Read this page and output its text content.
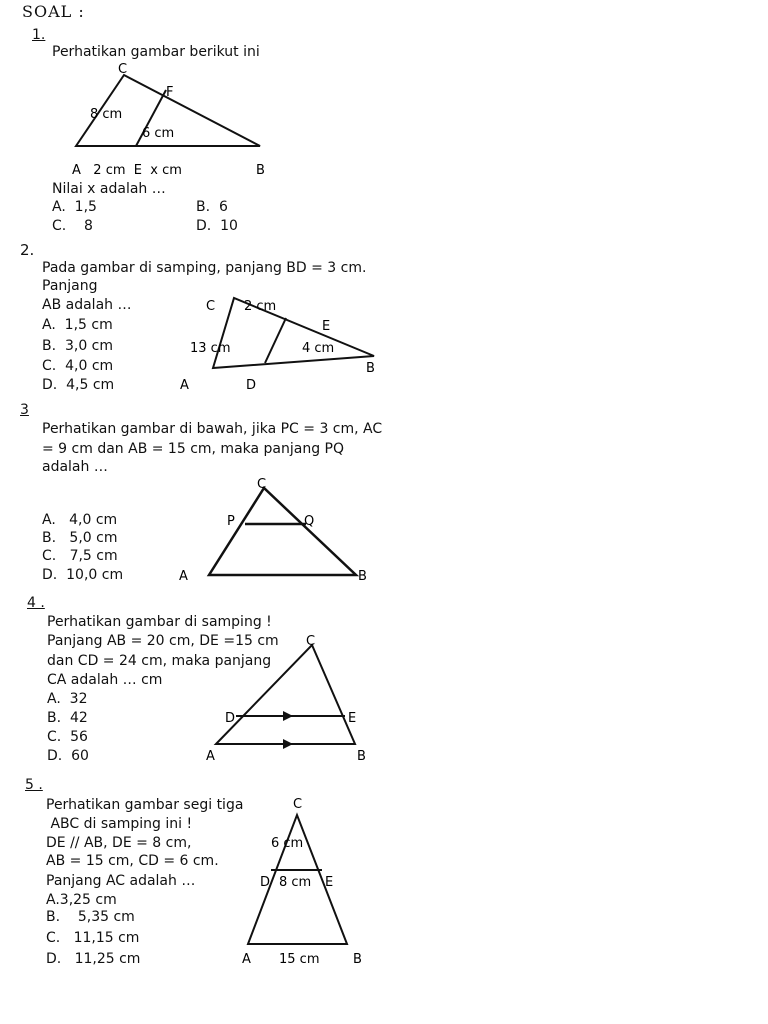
SOAL :
1.
Perhatikan gambar berikut ini
C
F
8 cm
6 cm
A   2 cm  E  x cm	B
Nilai x adalah …
A.  1,5	B.  6
C.    8	D.  10
2.
Pada gambar di samping, panjang BD = 3 cm.
Panjang
AB adalah …
A.  1,5 cm
B.  3,0 cm
C.  4,0 cm
D.  4,5 cm
C 2 cm
E
13 cm	4 cm
B
A	D
3
Perhatikan gambar di bawah, jika PC = 3 cm, AC
= 9 cm dan AB = 15 cm, maka panjang PQ
adalah …
A.   4,0 cm
B.   5,0 cm
C.   7,5 cm
D.  10,0 cm
C
P	Q
A	B
4 .
Perhatikan gambar di samping !
Panjang AB = 20 cm, DE =15 cm
dan CD = 24 cm, maka panjang
CA adalah … cm
A.  32
B.  42
C.  56
D.  60
C
D	E
A	B
5 .
Perhatikan gambar segi tiga
ABC di samping ini !
DE // AB, DE = 8 cm,
AB = 15 cm, CD = 6 cm.
Panjang AC adalah …
A.3,25 cm
B.    5,35 cm
C.   11,15 cm
D.   11,25 cm
C
6 cm
D 8 cm E
A 15 cm	B
